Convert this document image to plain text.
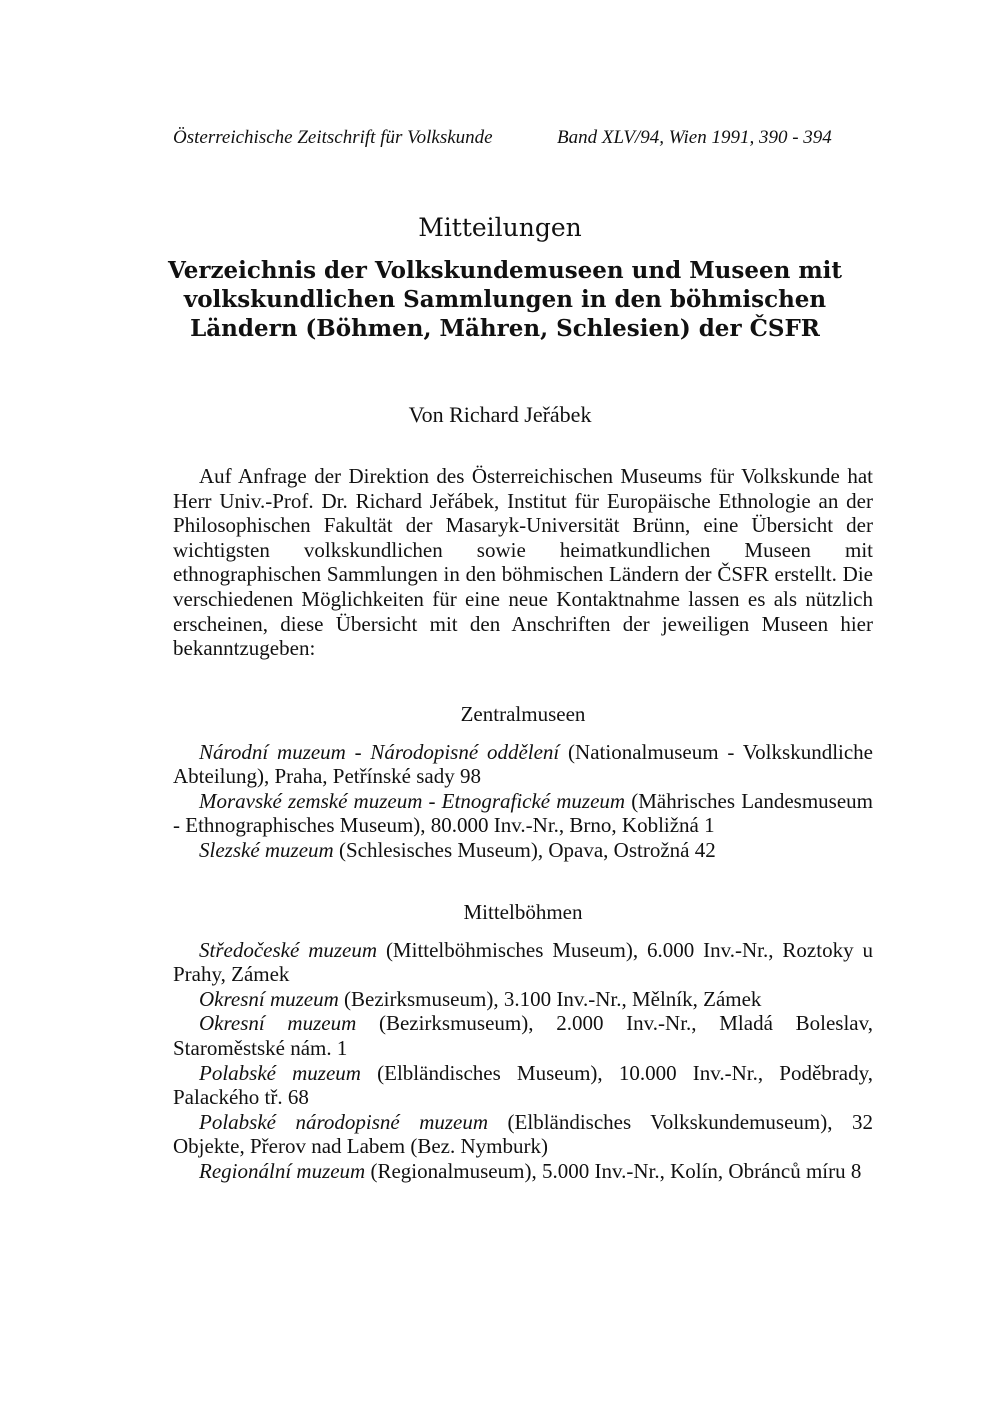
Österreichische Zeitschrift für Volkskunde	Band XLV/94, Wien 1991, 390 - 394
Mitteilungen
Verzeichnis der Volkskundemuseen und Museen mit volkskundlichen Sammlungen in den böhmischen Ländern (Böhmen, Mähren, Schlesien) der ČSFR
Von Richard Jeřábek
Auf Anfrage der Direktion des Österreichischen Museums für Volkskunde hat Herr Univ.-Prof. Dr. Richard Jeřábek, Institut für Europäische Ethnologie an der Philosophischen Fakultät der Masaryk-Universität Brünn, eine Übersicht der wichtigsten volkskundlichen sowie heimatkundlichen Museen mit ethnographischen Sammlungen in den böhmischen Ländern der ČSFR erstellt. Die verschiedenen Möglichkeiten für eine neue Kontaktnahme lassen es als nützlich erscheinen, diese Übersicht mit den Anschriften der jeweiligen Museen hier bekanntzugeben:

Zentralmuseen

Národní muzeum - Národopisné oddělení (Nationalmuseum - Volkskundliche Abteilung), Praha, Petřínské sady 98

Moravské zemské muzeum - Etnografické muzeum (Mährisches Landesmuseum - Ethnographisches Museum), 80.000 Inv.-Nr., Brno, Kobližná 1

Slezské muzeum (Schlesisches Museum), Opava, Ostrožná 42

Mittelböhmen

Středočeské muzeum (Mittelböhmisches Museum), 6.000 Inv.-Nr., Roztoky u Prahy, Zámek

Okresní muzeum (Bezirksmuseum), 3.100 Inv.-Nr., Mělník, Zámek

Okresní muzeum (Bezirksmuseum), 2.000 Inv.-Nr., Mladá Boleslav, Staroměstské nám. 1

Polabské muzeum (Elbländisches Museum), 10.000 Inv.-Nr., Poděbrady, Palackého tř. 68

Polabské národopisné muzeum (Elbländisches Volkskundemuseum), 32 Objekte, Přerov nad Labem (Bez. Nymburk)

Regionální muzeum (Regionalmuseum), 5.000 Inv.-Nr., Kolín, Obránců míru 8
